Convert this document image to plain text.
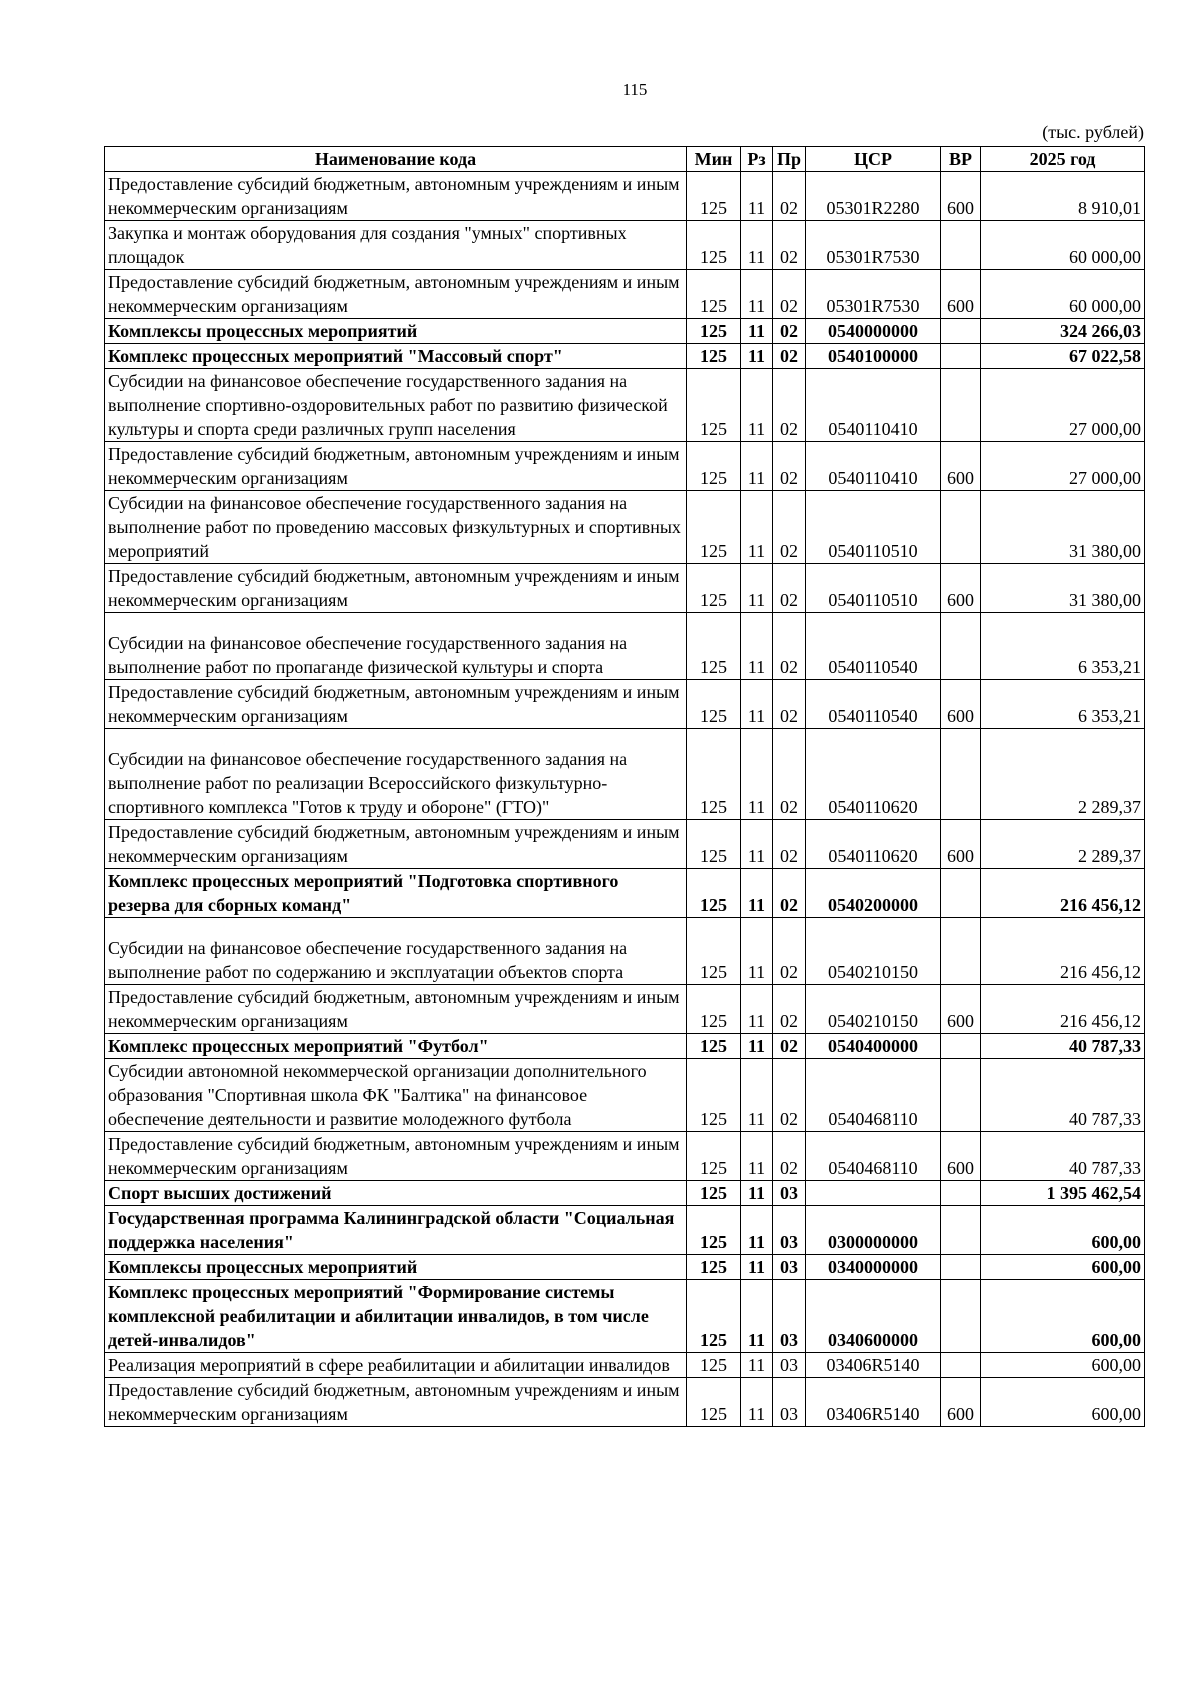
115
(тыс. рублей)
Наименование кода	Мин	Рз	Пр	ЦСР	ВР	2025 год
Предоставление субсидий бюджетным, автономным учреждениям и иным некоммерческим организациям	125	11	02	05301R2280	600	8 910,01
Закупка и монтаж оборудования для создания "умных" спортивных площадок	125	11	02	05301R7530		60 000,00
Предоставление субсидий бюджетным, автономным учреждениям и иным некоммерческим организациям	125	11	02	05301R7530	600	60 000,00
Комплексы процессных мероприятий	125	11	02	0540000000		324 266,03
Комплекс процессных мероприятий "Массовый спорт"	125	11	02	0540100000		67 022,58
Субсидии на финансовое обеспечение государственного задания на выполнение спортивно-оздоровительных работ по развитию физической культуры и спорта среди различных групп населения	125	11	02	0540110410		27 000,00
Предоставление субсидий бюджетным, автономным учреждениям и иным некоммерческим организациям	125	11	02	0540110410	600	27 000,00
Субсидии на финансовое обеспечение государственного задания на выполнение работ по проведению массовых физкультурных и спортивных мероприятий	125	11	02	0540110510		31 380,00
Предоставление субсидий бюджетным, автономным учреждениям и иным некоммерческим организациям	125	11	02	0540110510	600	31 380,00
Субсидии на финансовое обеспечение государственного задания на выполнение работ по пропаганде физической культуры и спорта	125	11	02	0540110540		6 353,21
Предоставление субсидий бюджетным, автономным учреждениям и иным некоммерческим организациям	125	11	02	0540110540	600	6 353,21
Субсидии на финансовое обеспечение государственного задания на выполнение работ по реализации Всероссийского физкультурно-спортивного комплекса "Готов к труду и обороне" (ГТО)"	125	11	02	0540110620		2 289,37
Предоставление субсидий бюджетным, автономным учреждениям и иным некоммерческим организациям	125	11	02	0540110620	600	2 289,37
Комплекс процессных мероприятий "Подготовка спортивного резерва для сборных команд"	125	11	02	0540200000		216 456,12
Субсидии на финансовое обеспечение государственного задания на выполнение работ по содержанию и эксплуатации объектов спорта	125	11	02	0540210150		216 456,12
Предоставление субсидий бюджетным, автономным учреждениям и иным некоммерческим организациям	125	11	02	0540210150	600	216 456,12
Комплекс процессных мероприятий "Футбол"	125	11	02	0540400000		40 787,33
Субсидии автономной некоммерческой организации дополнительного образования "Спортивная школа ФК "Балтика" на финансовое обеспечение деятельности и развитие молодежного футбола	125	11	02	0540468110		40 787,33
Предоставление субсидий бюджетным, автономным учреждениям и иным некоммерческим организациям	125	11	02	0540468110	600	40 787,33
Спорт высших достижений	125	11	03			1 395 462,54
Государственная программа Калининградской области "Социальная поддержка населения"	125	11	03	0300000000		600,00
Комплексы процессных мероприятий	125	11	03	0340000000		600,00
Комплекс процессных мероприятий "Формирование системы комплексной реабилитации и абилитации инвалидов, в том числе детей-инвалидов"	125	11	03	0340600000		600,00
Реализация мероприятий в сфере реабилитации и абилитации инвалидов	125	11	03	03406R5140		600,00
Предоставление субсидий бюджетным, автономным учреждениям и иным некоммерческим организациям	125	11	03	03406R5140	600	600,00
